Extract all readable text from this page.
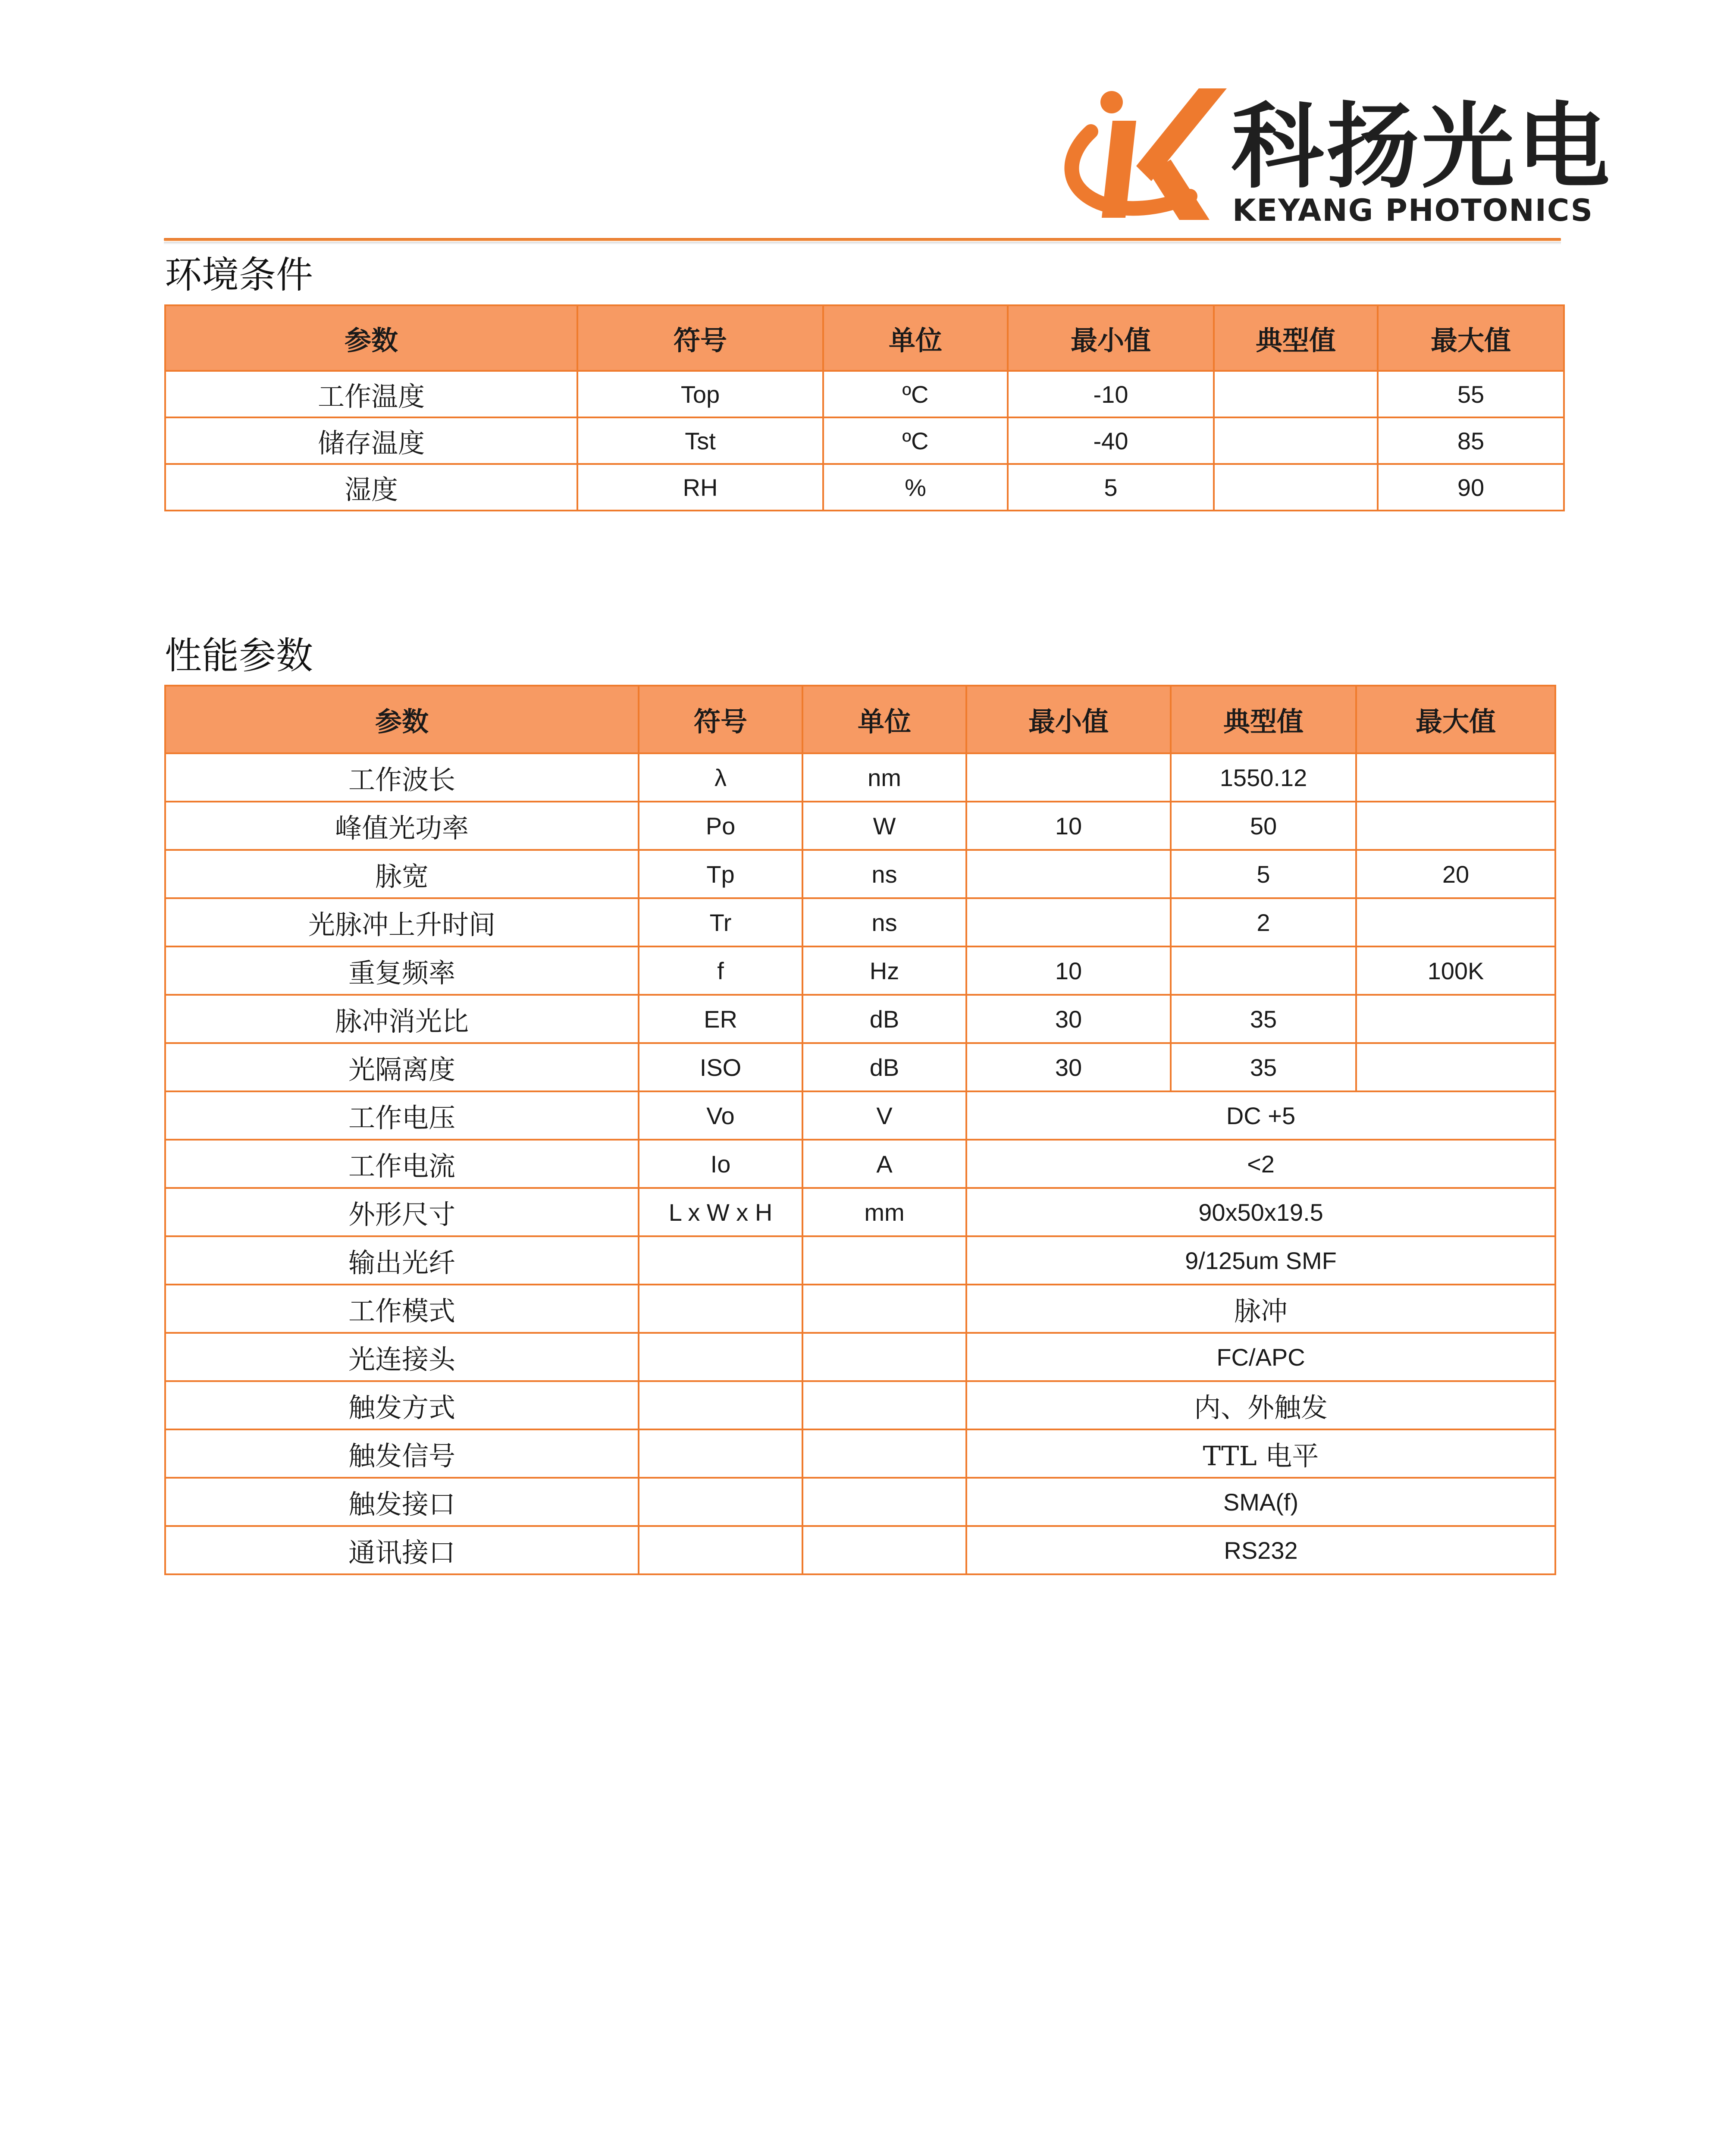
科扬光电
KEYANG PHOTONICS
环境条件
参数	符号	单位	最小值	典型值	最大值
工作温度	Top	ºC	-10		55
储存温度	Tst	ºC	-40		85
湿度	RH	%	5		90
性能参数
参数	符号	单位	最小值	典型值	最大值
工作波长	λ	nm		1550.12	
峰值光功率	Po	W	10	50	
脉宽	Tp	ns		5	20
光脉冲上升时间	Tr	ns		2	
重复频率	f	Hz	10		100K
脉冲消光比	ER	dB	30	35	
光隔离度	ISO	dB	30	35	
工作电压	Vo	V	DC +5		
工作电流	Io	A	<2		
外形尺寸	L x W x H	mm	90x50x19.5		
输出光纤			9/125um SMF		
工作模式			脉冲		
光连接头			FC/APC		
触发方式			内、外触发		
触发信号			TTL 电平		
触发接口			SMA(f)		
通讯接口			RS232		
